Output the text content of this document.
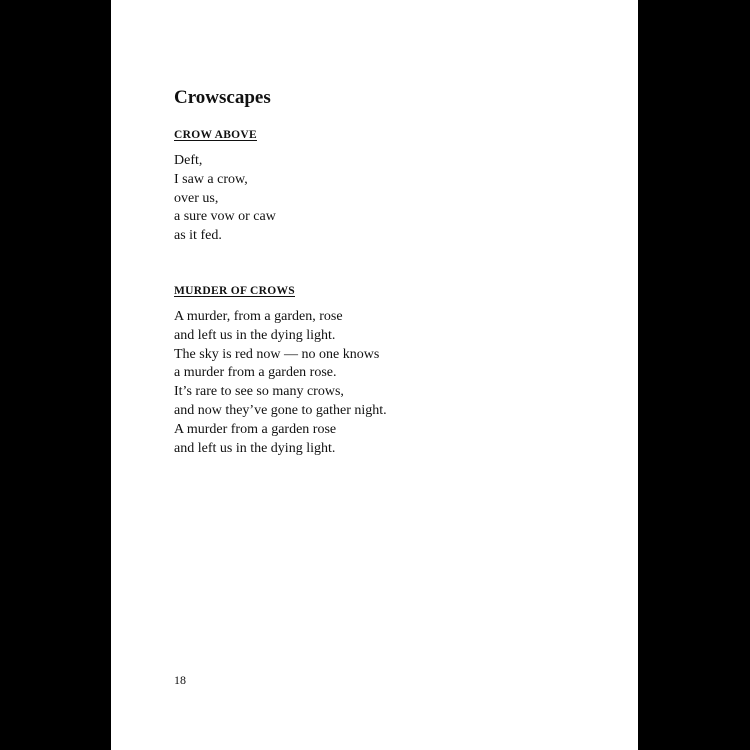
Crowscapes
CROW ABOVE
Deft,
I saw a crow,
over us,
a sure vow or caw
as it fed.
MURDER OF CROWS
A murder, from a garden, rose
and left us in the dying light.
The sky is red now — no one knows
a murder from a garden rose.
It’s rare to see so many crows,
and now they’ve gone to gather night.
A murder from a garden rose
and left us in the dying light.
18
